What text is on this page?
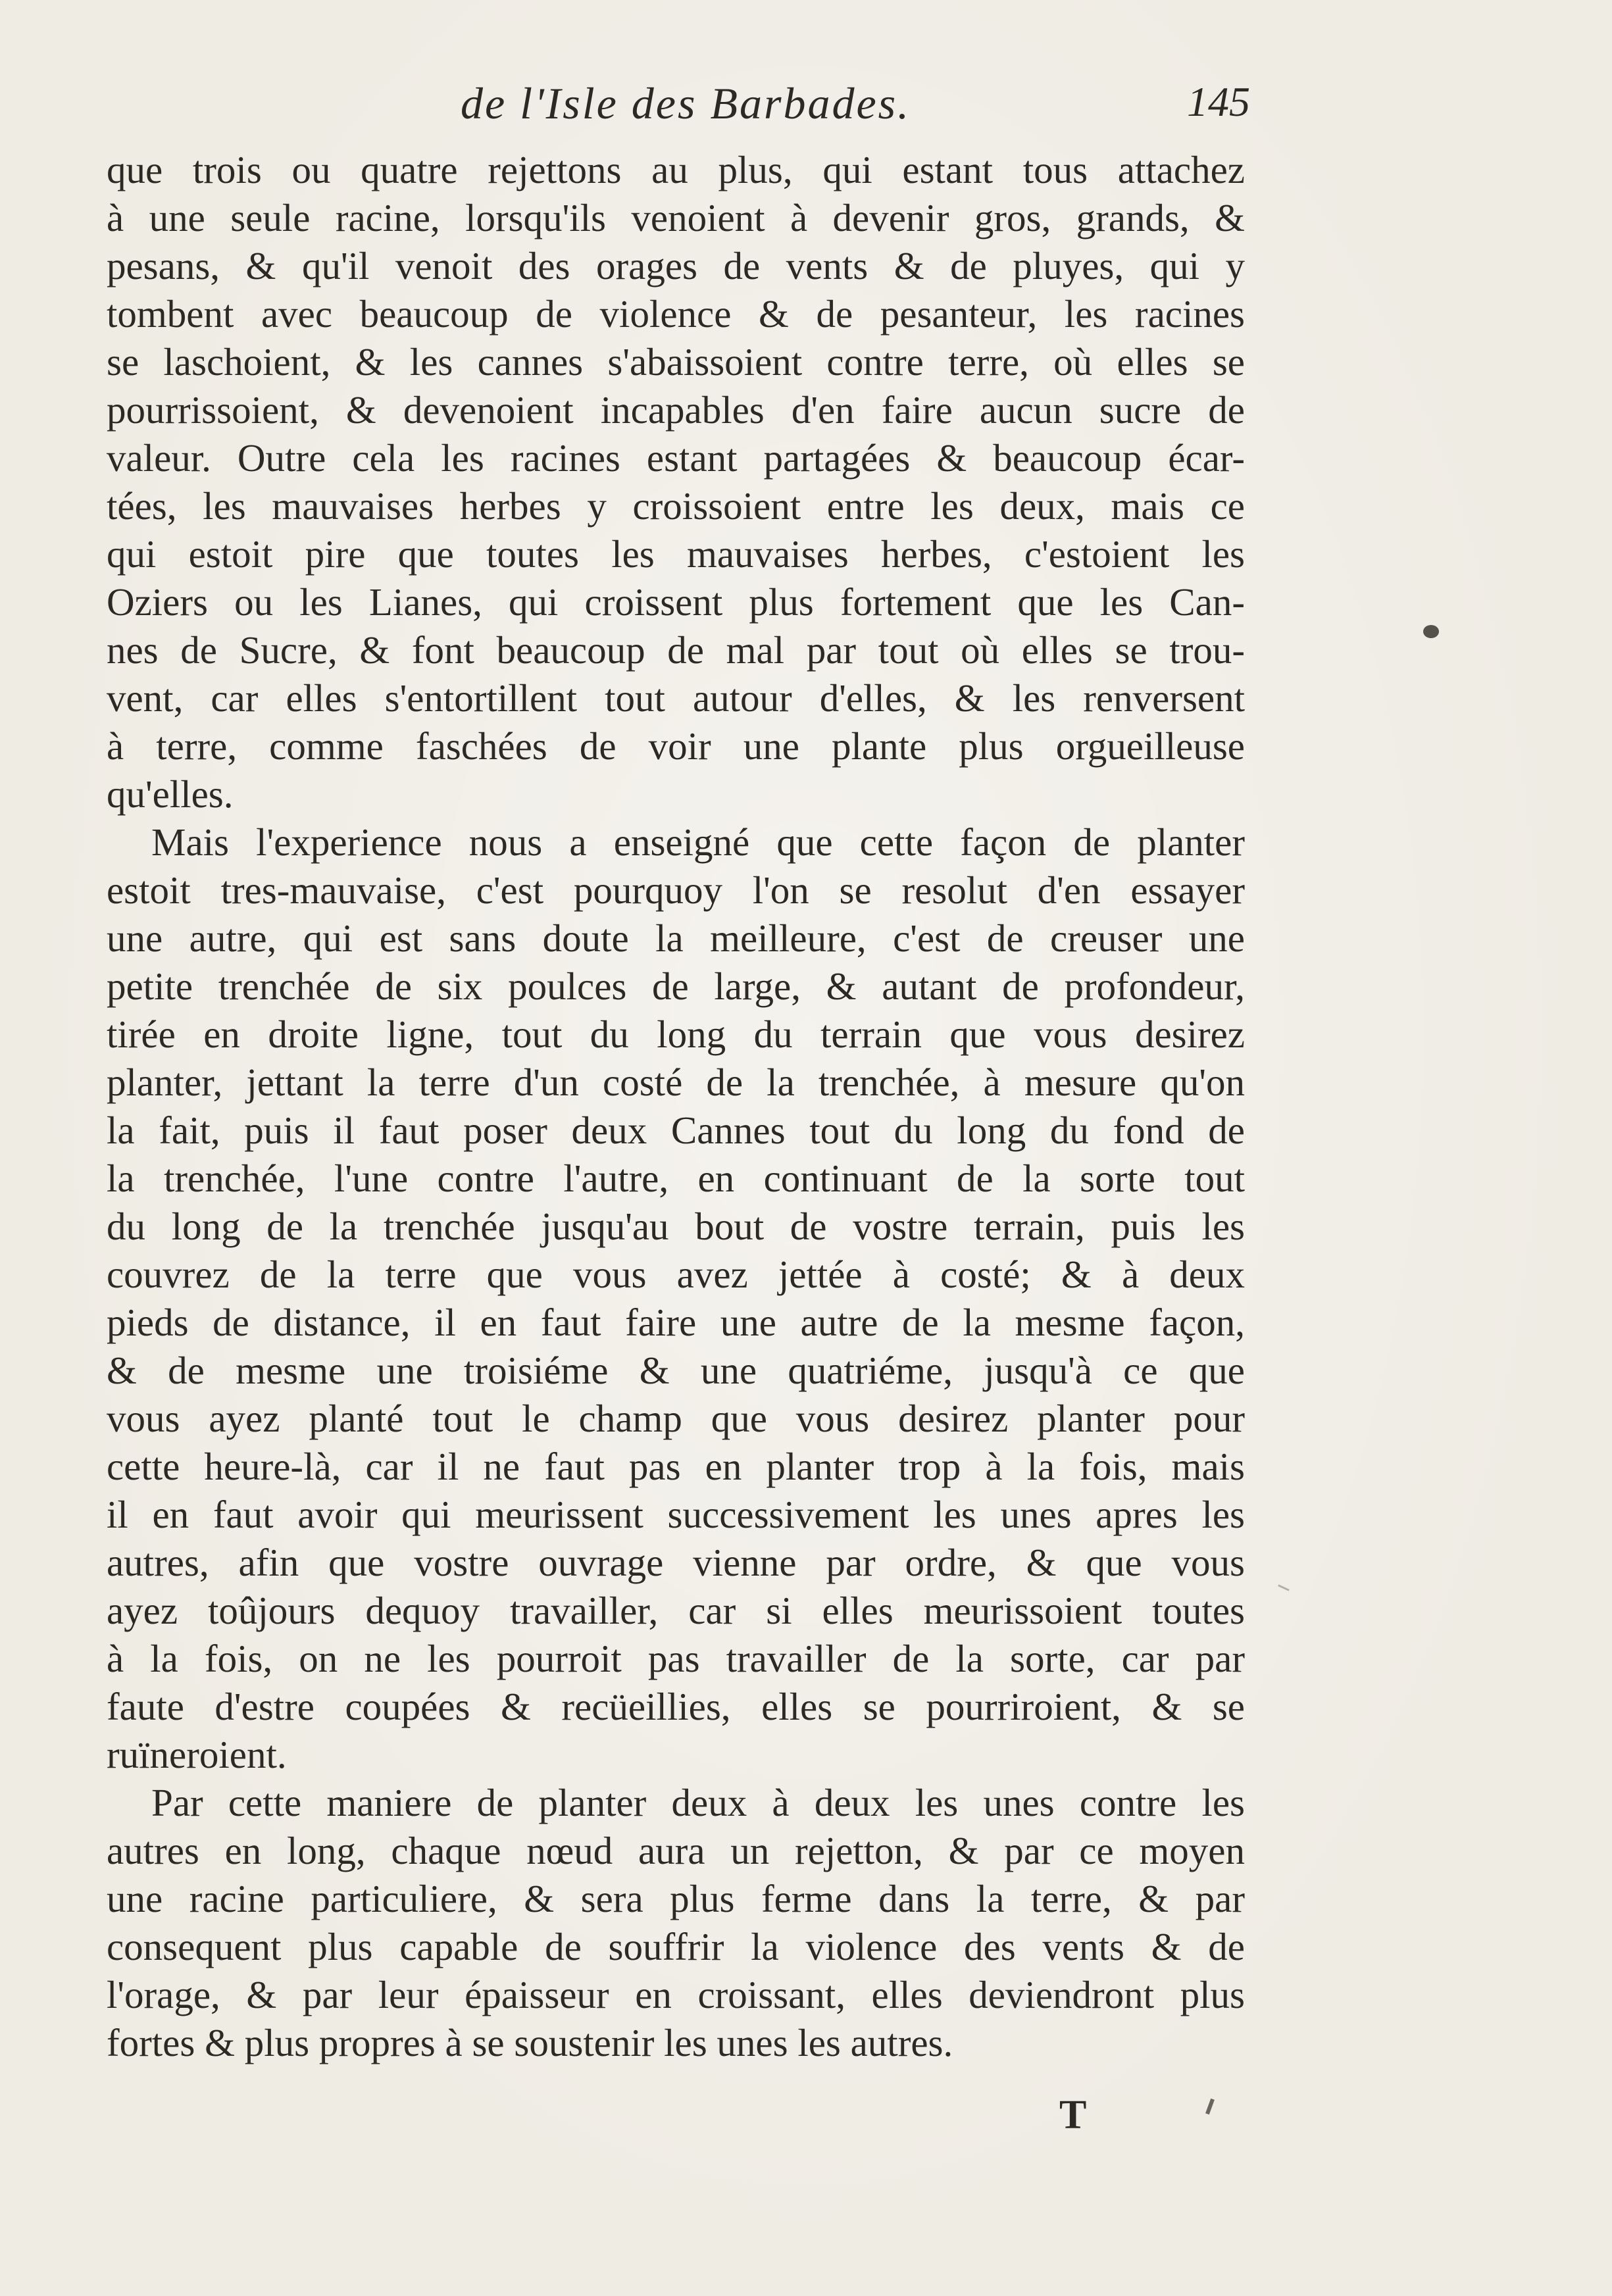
de l'Isle des Barbades.	145
que trois ou quatre rejettons au plus, qui estant tous attachez
à une seule racine, lorsqu'ils venoient à devenir gros, grands, &
pesans, & qu'il venoit des orages de vents & de pluyes, qui y
tombent avec beaucoup de violence & de pesanteur, les racines
se laschoient, & les cannes s'abaissoient contre terre, où elles se
pourrissoient, & devenoient incapables d'en faire aucun sucre de
valeur. Outre cela les racines estant partagées & beaucoup écar-
tées, les mauvaises herbes y croissoient entre les deux, mais ce
qui estoit pire que toutes les mauvaises herbes, c'estoient les
Oziers ou les Lianes, qui croissent plus fortement que les Can-
nes de Sucre, & font beaucoup de mal par tout où elles se trou-
vent, car elles s'entortillent tout autour d'elles, & les renversent
à terre, comme faschées de voir une plante plus orgueilleuse
qu'elles.
Mais l'experience nous a enseigné que cette façon de planter
estoit tres-mauvaise, c'est pourquoy l'on se resolut d'en essayer
une autre, qui est sans doute la meilleure, c'est de creuser une
petite trenchée de six poulces de large, & autant de profondeur,
tirée en droite ligne, tout du long du terrain que vous desirez
planter, jettant la terre d'un costé de la trenchée, à mesure qu'on
la fait, puis il faut poser deux Cannes tout du long du fond de
la trenchée, l'une contre l'autre, en continuant de la sorte tout
du long de la trenchée jusqu'au bout de vostre terrain, puis les
couvrez de la terre que vous avez jettée à costé; & à deux
pieds de distance, il en faut faire une autre de la mesme façon,
& de mesme une troisiéme & une quatriéme, jusqu'à ce que
vous ayez planté tout le champ que vous desirez planter pour
cette heure-là, car il ne faut pas en planter trop à la fois, mais
il en faut avoir qui meurissent successivement les unes apres les
autres, afin que vostre ouvrage vienne par ordre, & que vous
ayez toûjours dequoy travailler, car si elles meurissoient toutes
à la fois, on ne les pourroit pas travailler de la sorte, car par
faute d'estre coupées & recüeillies, elles se pourriroient, & se
ruïneroient.
Par cette maniere de planter deux à deux les unes contre les
autres en long, chaque nœud aura un rejetton, & par ce moyen
une racine particuliere, & sera plus ferme dans la terre, & par
consequent plus capable de souffrir la violence des vents & de
l'orage, & par leur épaisseur en croissant, elles deviendront plus
fortes & plus propres à se soustenir les unes les autres.
T
